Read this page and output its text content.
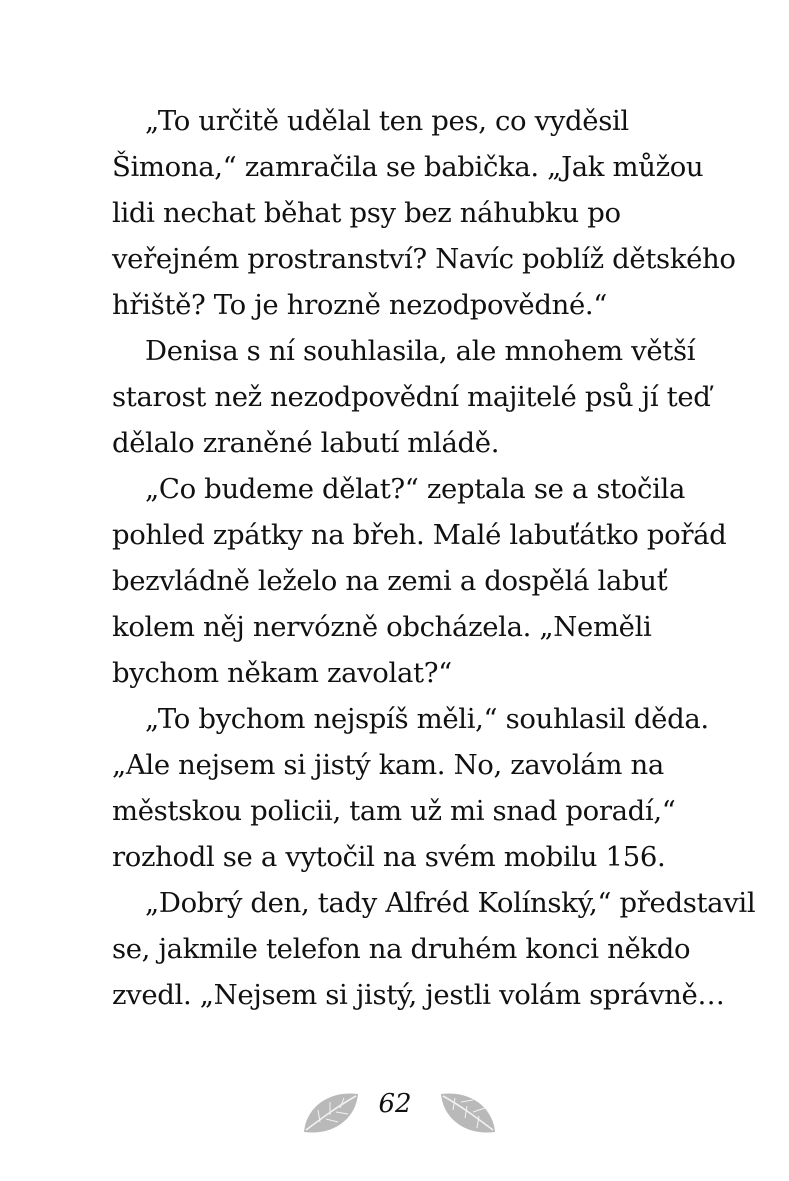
„To určitě udělal ten pes, co vyděsil
Šimona,“ zamračila se babička. „Jak můžou
lidi nechat běhat psy bez náhubku po
veřejném prostranství? Navíc poblíž dětského
hřiště? To je hrozně nezodpovědné.“
Denisa s ní souhlasila, ale mnohem větší
starost než nezodpovědní majitelé psů jí teď
dělalo zraněné labutí mládě.
„Co budeme dělat?“ zeptala se a stočila
pohled zpátky na břeh. Malé labuťátko pořád
bezvládně leželo na zemi a dospělá labuť
kolem něj nervózně obcházela. „Neměli
bychom někam zavolat?“
„To bychom nejspíš měli,“ souhlasil děda.
„Ale nejsem si jistý kam. No, zavolám na
městskou policii, tam už mi snad poradí,“
rozhodl se a vytočil na svém mobilu 156.
„Dobrý den, tady Alfréd Kolínský,“ představil
se, jakmile telefon na druhém konci někdo
zvedl. „Nejsem si jistý, jestli volám správně…
62
